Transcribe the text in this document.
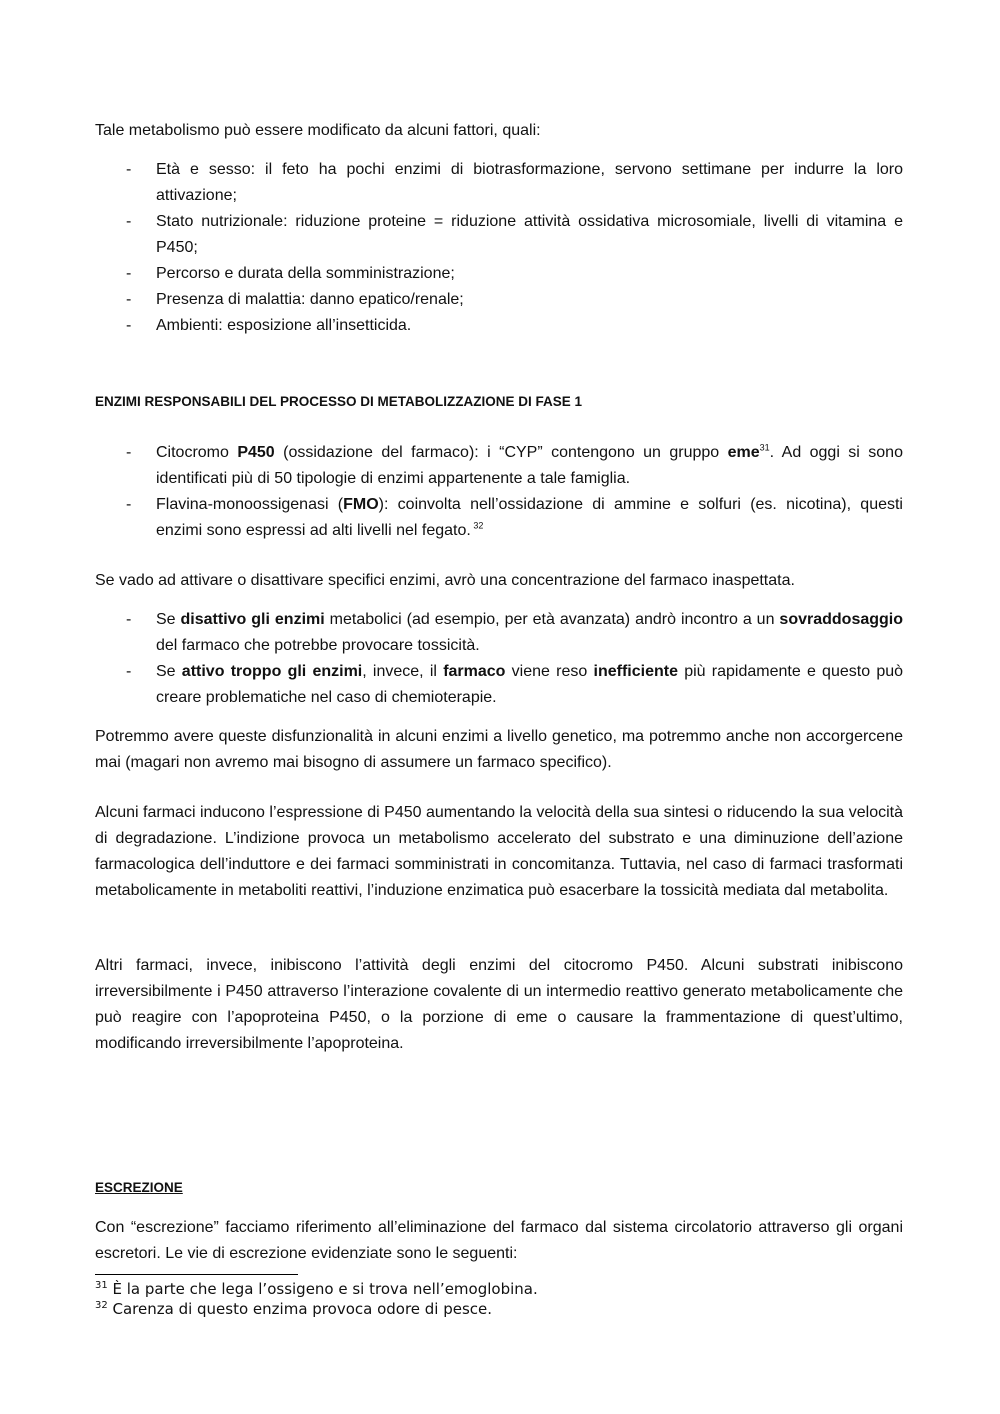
Tale metabolismo può essere modificato da alcuni fattori, quali:

- Età e sesso: il feto ha pochi enzimi di biotrasformazione, servono settimane per indurre la loro attivazione;
- Stato nutrizionale: riduzione proteine = riduzione attività ossidativa microsomiale, livelli di vitamina e P450;
- Percorso e durata della somministrazione;
- Presenza di malattia: danno epatico/renale;
- Ambienti: esposizione all’insetticida.
ENZIMI RESPONSABILI DEL PROCESSO DI METABOLIZZAZIONE DI FASE 1
- Citocromo P450 (ossidazione del farmaco): i “CYP” contengono un gruppo eme$^{31}$. Ad oggi si sono identificati più di 50 tipologie di enzimi appartenente a tale famiglia.
- Flavina-monoossigenasi (FMO): coinvolta nell’ossidazione di ammine e solfuri (es. nicotina), questi enzimi sono espressi ad alti livelli nel fegato. $^{32}$

Se vado ad attivare o disattivare specifici enzimi, avrò una concentrazione del farmaco inaspettata.

- Se disattivo gli enzimi metabolici (ad esempio, per età avanzata) andrò incontro a un sovraddosaggio del farmaco che potrebbe provocare tossicità.
- Se attivo troppo gli enzimi, invece, il farmaco viene reso inefficiente più rapidamente e questo può creare problematiche nel caso di chemioterapie.

Potremmo avere queste disfunzionalità in alcuni enzimi a livello genetico, ma potremmo anche non accorgercene mai (magari non avremo mai bisogno di assumere un farmaco specifico).

Alcuni farmaci inducono l’espressione di P450 aumentando la velocità della sua sintesi o riducendo la sua velocità di degradazione. L’indizione provoca un metabolismo accelerato del substrato e una diminuzione dell’azione farmacologica dell’induttore e dei farmaci somministrati in concomitanza. Tuttavia, nel caso di farmaci trasformati metabolicamente in metaboliti reattivi, l’induzione enzimatica può esacerbare la tossicità mediata dal metabolita.

Altri farmaci, invece, inibiscono l’attività degli enzimi del citocromo P450. Alcuni substrati inibiscono irreversibilmente i P450 attraverso l’interazione covalente di un intermedio reattivo generato metabolicamente che può reagire con l’apoproteina P450, o la porzione di eme o causare la frammentazione di quest’ultimo, modificando irreversibilmente l’apoproteina.

ESCREZIONE

Con “escrezione” facciamo riferimento all’eliminazione del farmaco dal sistema circolatorio attraverso gli organi escretori. Le vie di escrezione evidenziate sono le seguenti:

$^{31}$ È la parte che lega l’ossigeno e si trova nell’emoglobina.
$^{32}$ Carenza di questo enzima provoca odore di pesce.
